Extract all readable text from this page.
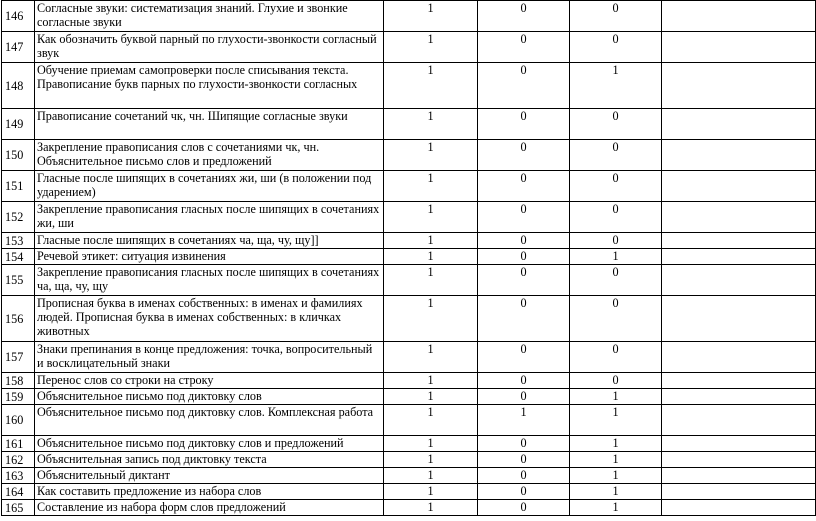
146	Согласные звуки: систематизация знаний. Глухие и звонкие согласные звуки	1	0	0	
147	Как обозначить буквой парный по глухости-звонкости согласный звук	1	0	0	
148	Обучение приемам самопроверки после списывания текста. Правописание букв парных по глухости-звонкости согласных	1	0	1	
149	Правописание сочетаний чк, чн. Шипящие согласные звуки	1	0	0	
150	Закрепление правописания слов с сочетаниями чк, чн. Объяснительное письмо слов и предложений	1	0	0	
151	Гласные после шипящих в сочетаниях жи, ши (в положении под ударением)	1	0	0	
152	Закрепление правописания гласных после шипящих в сочетаниях жи, ши	1	0	0	
153	Гласные после шипящих в сочетаниях ча, ща, чу, щу]]	1	0	0	
154	Речевой этикет: ситуация извинения	1	0	1	
155	Закрепление правописания гласных после шипящих в сочетаниях ча, ща, чу, щу	1	0	0	
156	Прописная буква в именах собственных: в именах и фамилиях людей. Прописная буква в именах собственных: в кличках животных	1	0	0	
157	Знаки препинания в конце предложения: точка, вопросительный и восклицательный знаки	1	0	0	
158	Перенос слов со строки на строку	1	0	0	
159	Объяснительное письмо под диктовку слов	1	0	1	
160	Объяснительное письмо под диктовку слов. Комплексная работа	1	1	1	
161	Объяснительное письмо под диктовку слов и предложений	1	0	1	
162	Объяснительная запись под диктовку текста	1	0	1	
163	Объяснительный диктант	1	0	1	
164	Как составить предложение из набора слов	1	0	1	
165	Составление из набора форм слов предложений	1	0	1	
